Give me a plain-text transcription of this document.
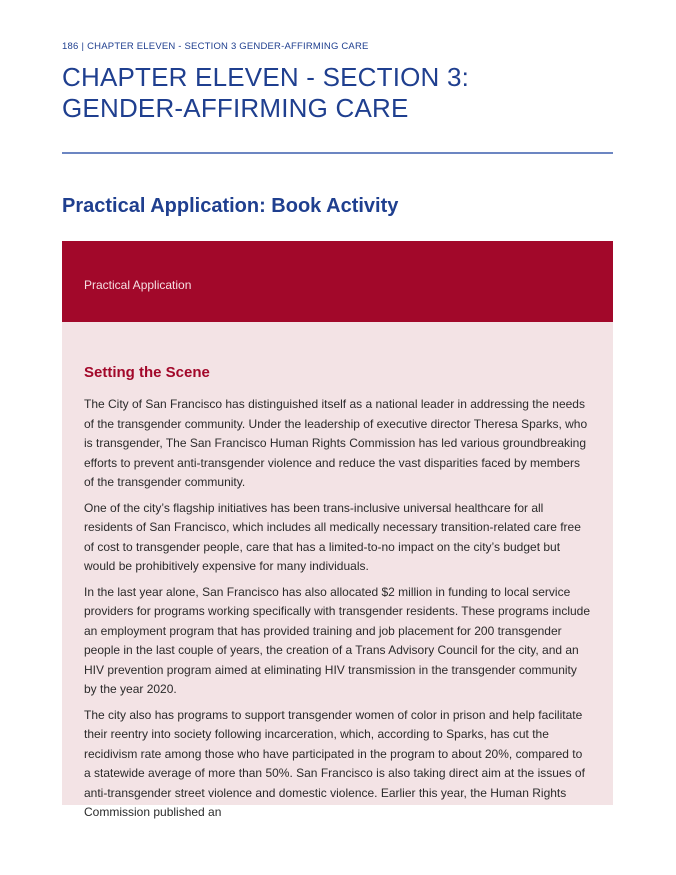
186 | CHAPTER ELEVEN - SECTION 3 GENDER-AFFIRMING CARE
CHAPTER ELEVEN - SECTION 3:
GENDER-AFFIRMING CARE
Practical Application: Book Activity
Practical Application
Setting the Scene

The City of San Francisco has distinguished itself as a national leader in addressing the needs of the transgender community. Under the leadership of executive director Theresa Sparks, who is transgender, The San Francisco Human Rights Commission has led various groundbreaking efforts to prevent anti-transgender violence and reduce the vast disparities faced by members of the transgender community.

One of the city’s flagship initiatives has been trans-inclusive universal healthcare for all residents of San Francisco, which includes all medically necessary transition-related care free of cost to transgender people, care that has a limited-to-no impact on the city’s budget but would be prohibitively expensive for many individuals.

In the last year alone, San Francisco has also allocated $2 million in funding to local service providers for programs working specifically with transgender residents. These programs include an employment program that has provided training and job placement for 200 transgender people in the last couple of years, the creation of a Trans Advisory Council for the city, and an HIV prevention program aimed at eliminating HIV transmission in the transgender community by the year 2020.

The city also has programs to support transgender women of color in prison and help facilitate their reentry into society following incarceration, which, according to Sparks, has cut the recidivism rate among those who have participated in the program to about 20%, compared to a statewide average of more than 50%. San Francisco is also taking direct aim at the issues of anti-transgender street violence and domestic violence. Earlier this year, the Human Rights Commission published an
